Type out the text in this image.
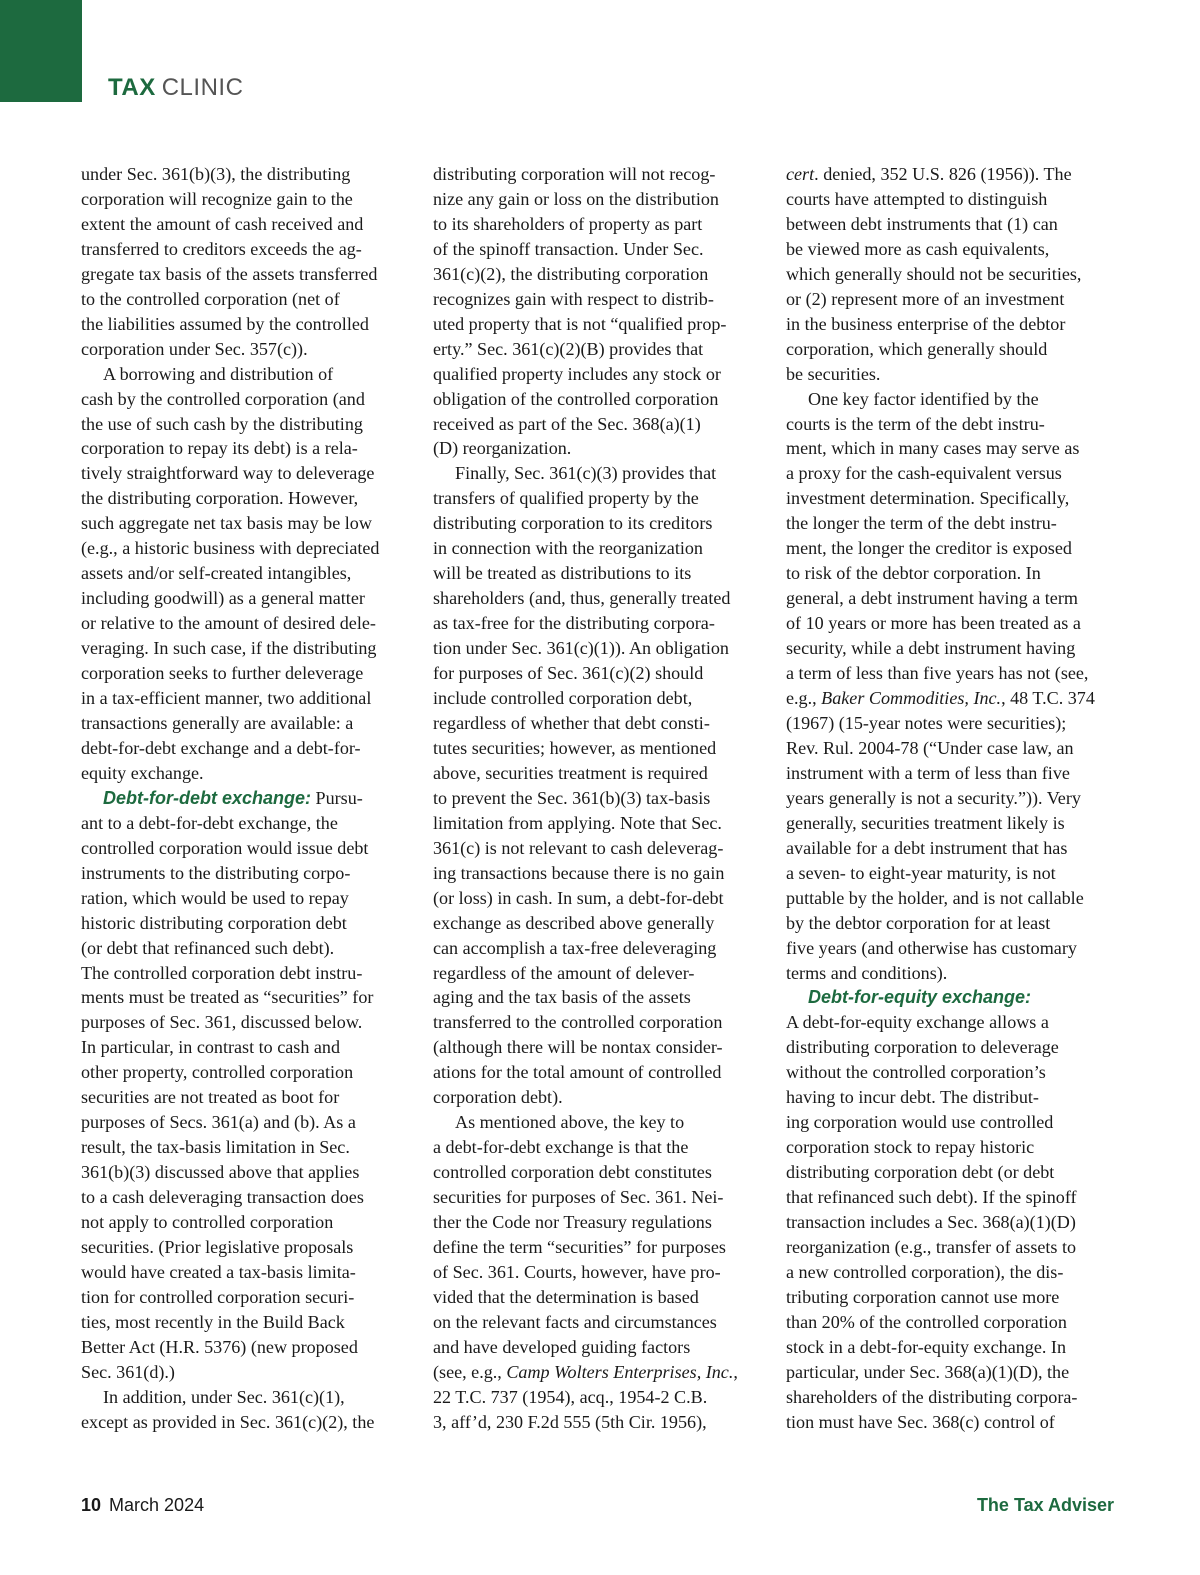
TAX CLINIC

under Sec. 361(b)(3), the distributing
corporation will recognize gain to the
extent the amount of cash received and
transferred to creditors exceeds the ag-
gregate tax basis of the assets transferred
to the controlled corporation (net of
the liabilities assumed by the controlled
corporation under Sec. 357(c)).

A borrowing and distribution of
cash by the controlled corporation (and
the use of such cash by the distributing
corporation to repay its debt) is a rela-
tively straightforward way to deleverage
the distributing corporation. However,
such aggregate net tax basis may be low
(e.g., a historic business with depreciated
assets and/or self-created intangibles,
including goodwill) as a general matter
or relative to the amount of desired dele-
veraging. In such case, if the distributing
corporation seeks to further deleverage
in a tax-efficient manner, two additional
transactions generally are available: a
debt-for-debt exchange and a debt-for-
equity exchange.

Debt-for-debt exchange: Pursu-
ant to a debt-for-debt exchange, the
controlled corporation would issue debt
instruments to the distributing corpo-
ration, which would be used to repay
historic distributing corporation debt
(or debt that refinanced such debt).
The controlled corporation debt instru-
ments must be treated as “securities” for
purposes of Sec. 361, discussed below.
In particular, in contrast to cash and
other property, controlled corporation
securities are not treated as boot for
purposes of Secs. 361(a) and (b). As a
result, the tax-basis limitation in Sec.
361(b)(3) discussed above that applies
to a cash deleveraging transaction does
not apply to controlled corporation
securities. (Prior legislative proposals
would have created a tax-basis limita-
tion for controlled corporation securi-
ties, most recently in the Build Back
Better Act (H.R. 5376) (new proposed
Sec. 361(d).)

In addition, under Sec. 361(c)(1),
except as provided in Sec. 361(c)(2), the

distributing corporation will not recog-
nize any gain or loss on the distribution
to its shareholders of property as part
of the spinoff transaction. Under Sec.
361(c)(2), the distributing corporation
recognizes gain with respect to distrib-
uted property that is not “qualified prop-
erty.” Sec. 361(c)(2)(B) provides that
qualified property includes any stock or
obligation of the controlled corporation
received as part of the Sec. 368(a)(1)
(D) reorganization.

Finally, Sec. 361(c)(3) provides that
transfers of qualified property by the
distributing corporation to its creditors
in connection with the reorganization
will be treated as distributions to its
shareholders (and, thus, generally treated
as tax-free for the distributing corpora-
tion under Sec. 361(c)(1)). An obligation
for purposes of Sec. 361(c)(2) should
include controlled corporation debt,
regardless of whether that debt consti-
tutes securities; however, as mentioned
above, securities treatment is required
to prevent the Sec. 361(b)(3) tax-basis
limitation from applying. Note that Sec.
361(c) is not relevant to cash deleverag-
ing transactions because there is no gain
(or loss) in cash. In sum, a debt-for-debt
exchange as described above generally
can accomplish a tax-free deleveraging
regardless of the amount of delever-
aging and the tax basis of the assets
transferred to the controlled corporation
(although there will be nontax consider-
ations for the total amount of controlled
corporation debt).

As mentioned above, the key to
a debt-for-debt exchange is that the
controlled corporation debt constitutes
securities for purposes of Sec. 361. Nei-
ther the Code nor Treasury regulations
define the term “securities” for purposes
of Sec. 361. Courts, however, have pro-
vided that the determination is based
on the relevant facts and circumstances
and have developed guiding factors
(see, e.g., Camp Wolters Enterprises, Inc.,
22 T.C. 737 (1954), acq., 1954-2 C.B.
3, aff’d, 230 F.2d 555 (5th Cir. 1956),

cert. denied, 352 U.S. 826 (1956)). The
courts have attempted to distinguish
between debt instruments that (1) can
be viewed more as cash equivalents,
which generally should not be securities,
or (2) represent more of an investment
in the business enterprise of the debtor
corporation, which generally should
be securities.

One key factor identified by the
courts is the term of the debt instru-
ment, which in many cases may serve as
a proxy for the cash-equivalent versus
investment determination. Specifically,
the longer the term of the debt instru-
ment, the longer the creditor is exposed
to risk of the debtor corporation. In
general, a debt instrument having a term
of 10 years or more has been treated as a
security, while a debt instrument having
a term of less than five years has not (see,
e.g., Baker Commodities, Inc., 48 T.C. 374
(1967) (15-year notes were securities);
Rev. Rul. 2004-78 (“Under case law, an
instrument with a term of less than five
years generally is not a security.”)). Very
generally, securities treatment likely is
available for a debt instrument that has
a seven- to eight-year maturity, is not
puttable by the holder, and is not callable
by the debtor corporation for at least
five years (and otherwise has customary
terms and conditions).

Debt-for-equity exchange:
A debt-for-equity exchange allows a
distributing corporation to deleverage
without the controlled corporation’s
having to incur debt. The distribut-
ing corporation would use controlled
corporation stock to repay historic
distributing corporation debt (or debt
that refinanced such debt). If the spinoff
transaction includes a Sec. 368(a)(1)(D)
reorganization (e.g., transfer of assets to
a new controlled corporation), the dis-
tributing corporation cannot use more
than 20% of the controlled corporation
stock in a debt-for-equity exchange. In
particular, under Sec. 368(a)(1)(D), the
shareholders of the distributing corpora-
tion must have Sec. 368(c) control of

10 March 2024	The Tax Adviser
